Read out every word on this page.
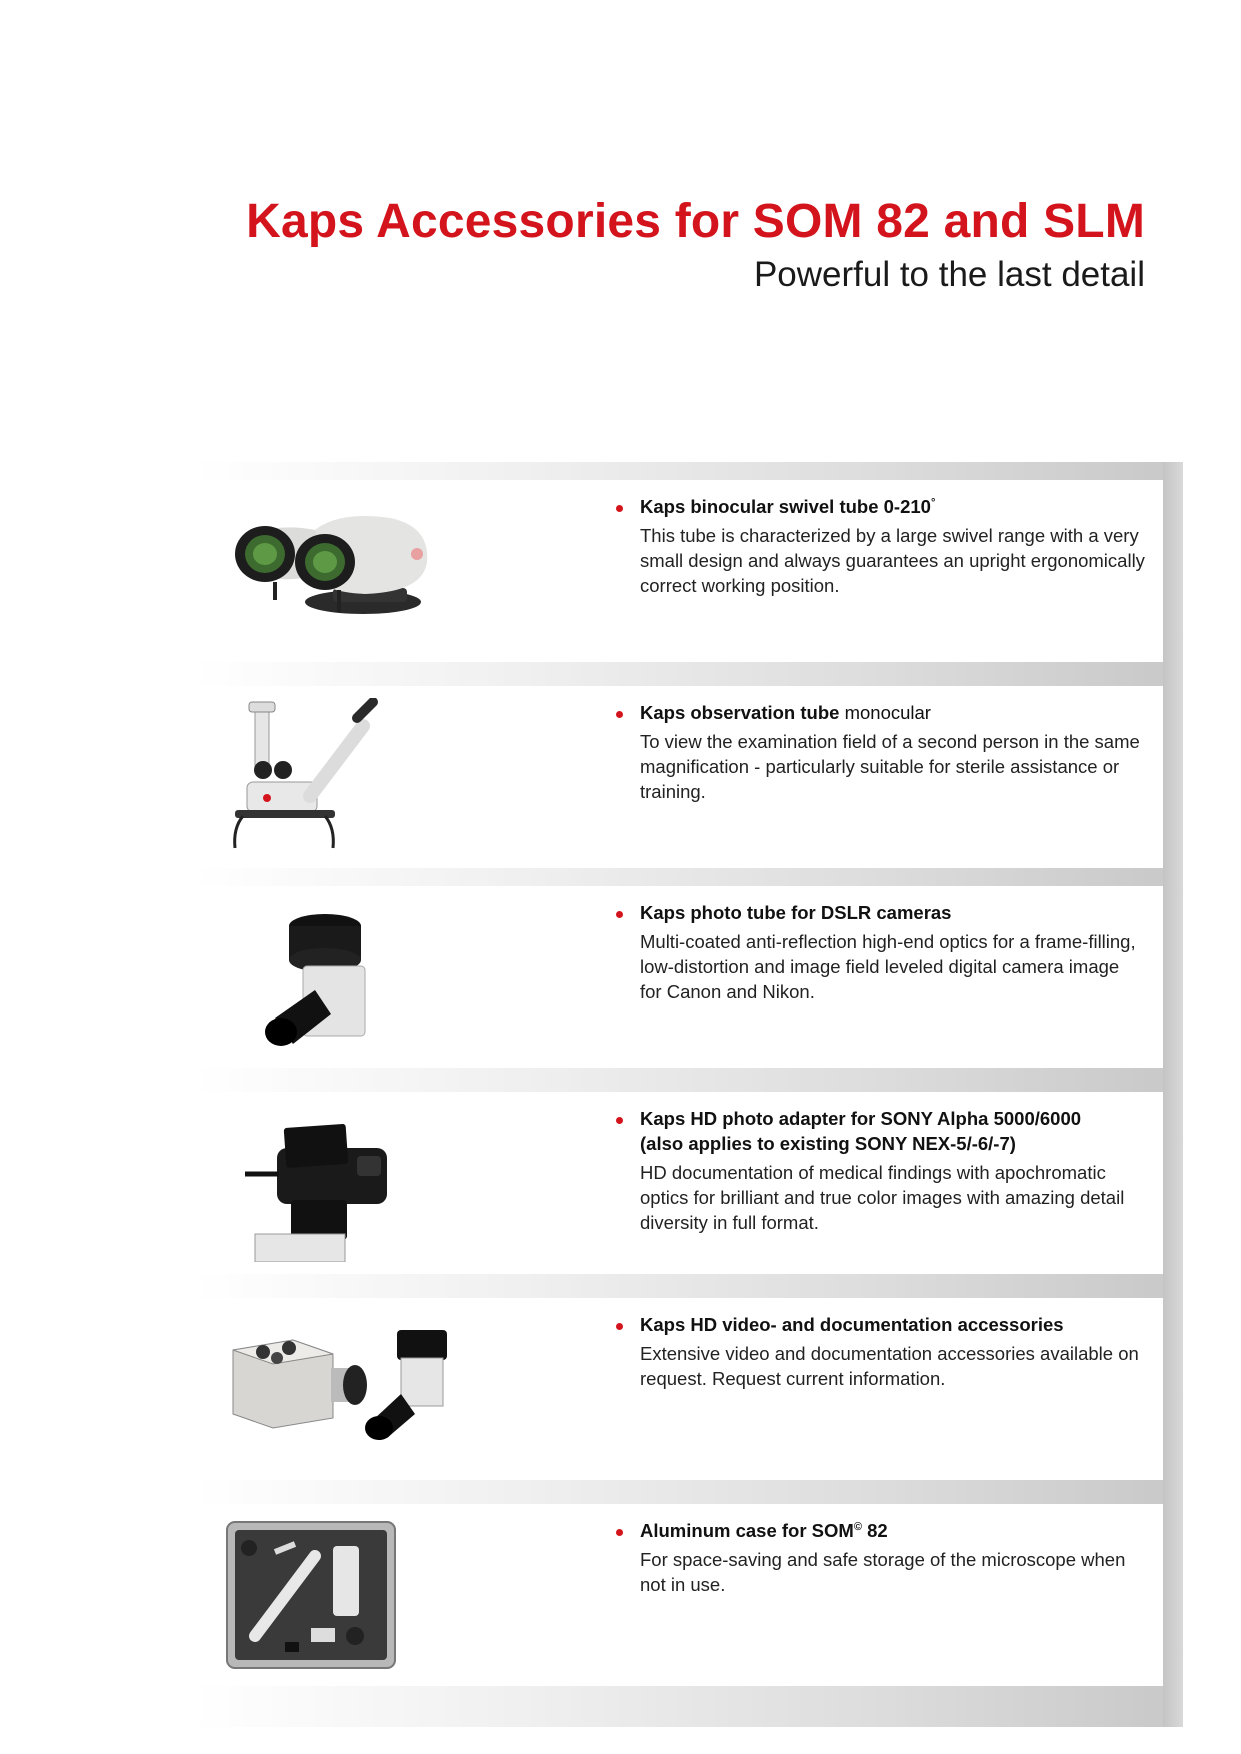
Kaps Accessories for SOM 82 and SLM
Powerful to the last detail
Kaps binocular swivel tube 0-210°
This tube is characterized by a large swivel range with a very small design and always guarantees an upright ergonomically correct working position.
Kaps observation tube monocular
To view the examination field of a second person in the same magnification - particularly suitable for sterile assistance or training.
Kaps photo tube for DSLR cameras
Multi-coated anti-reflection high-end optics for a frame-filling, low-distortion and image field leveled digital camera image for Canon and Nikon.
Kaps HD photo adapter for SONY Alpha 5000/6000
(also applies to existing SONY NEX-5/-6/-7)
HD documentation of medical findings with apochromatic optics for brilliant and true color images with amazing detail diversity in full format.
Kaps HD video- and documentation accessories
Extensive video and documentation accessories available on request. Request current information.
Aluminum case for SOM© 82
For space-saving and safe storage of the microscope when not in use.
